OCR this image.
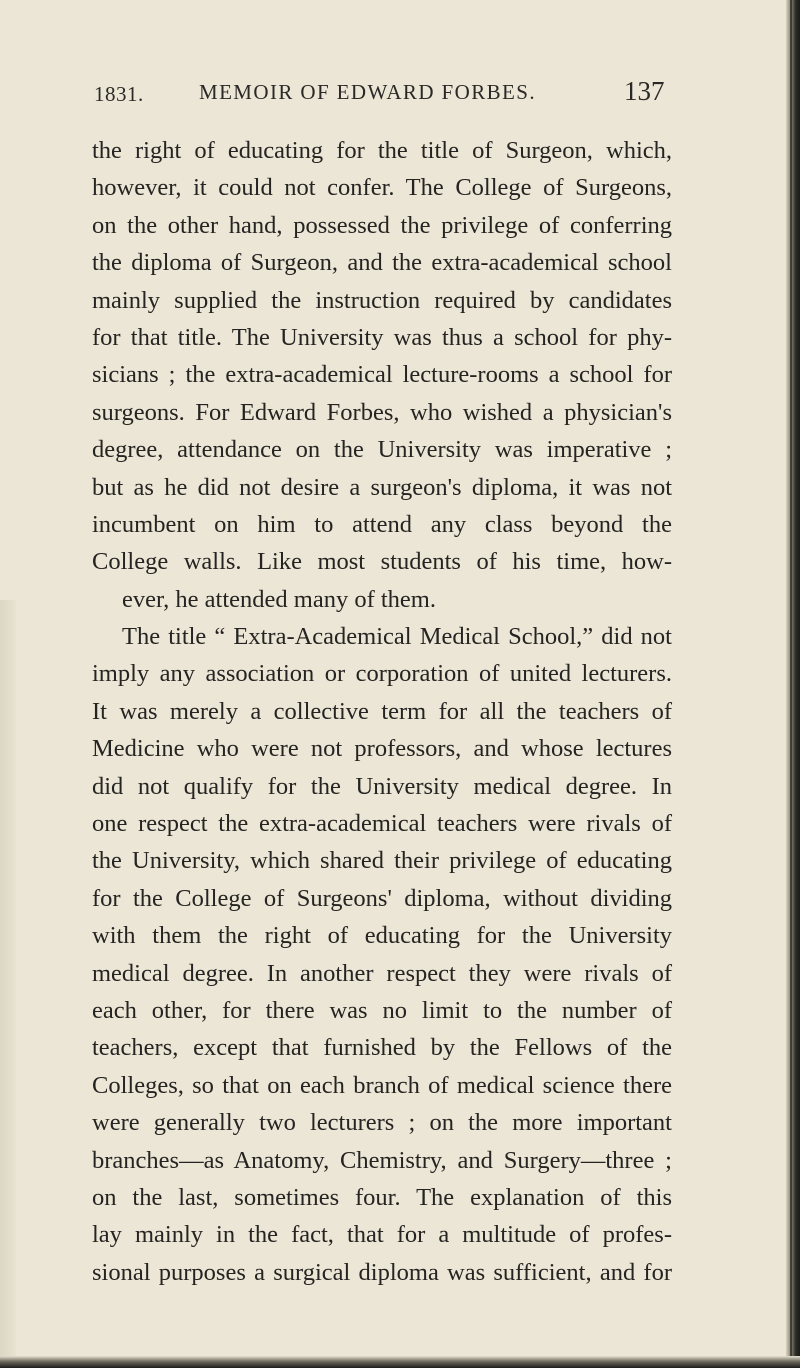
1831.	MEMOIR OF EDWARD FORBES.	137
the right of educating for the title of Surgeon, which,
however, it could not confer. The College of Surgeons,
on the other hand, possessed the privilege of conferring
the diploma of Surgeon, and the extra-academical school
mainly supplied the instruction required by candidates
for that title. The University was thus a school for phy-
sicians ; the extra-academical lecture-rooms a school for
surgeons. For Edward Forbes, who wished a physician's
degree, attendance on the University was imperative ;
but as he did not desire a surgeon's diploma, it was not
incumbent on him to attend any class beyond the
College walls. Like most students of his time, how-
ever, he attended many of them.
The title “ Extra-Academical Medical School,” did not
imply any association or corporation of united lecturers.
It was merely a collective term for all the teachers of
Medicine who were not professors, and whose lectures
did not qualify for the University medical degree. In
one respect the extra-academical teachers were rivals of
the University, which shared their privilege of educating
for the College of Surgeons' diploma, without dividing
with them the right of educating for the University
medical degree. In another respect they were rivals of
each other, for there was no limit to the number of
teachers, except that furnished by the Fellows of the
Colleges, so that on each branch of medical science there
were generally two lecturers ; on the more important
branches—as Anatomy, Chemistry, and Surgery—three ;
on the last, sometimes four. The explanation of this
lay mainly in the fact, that for a multitude of profes-
sional purposes a surgical diploma was sufficient, and for
